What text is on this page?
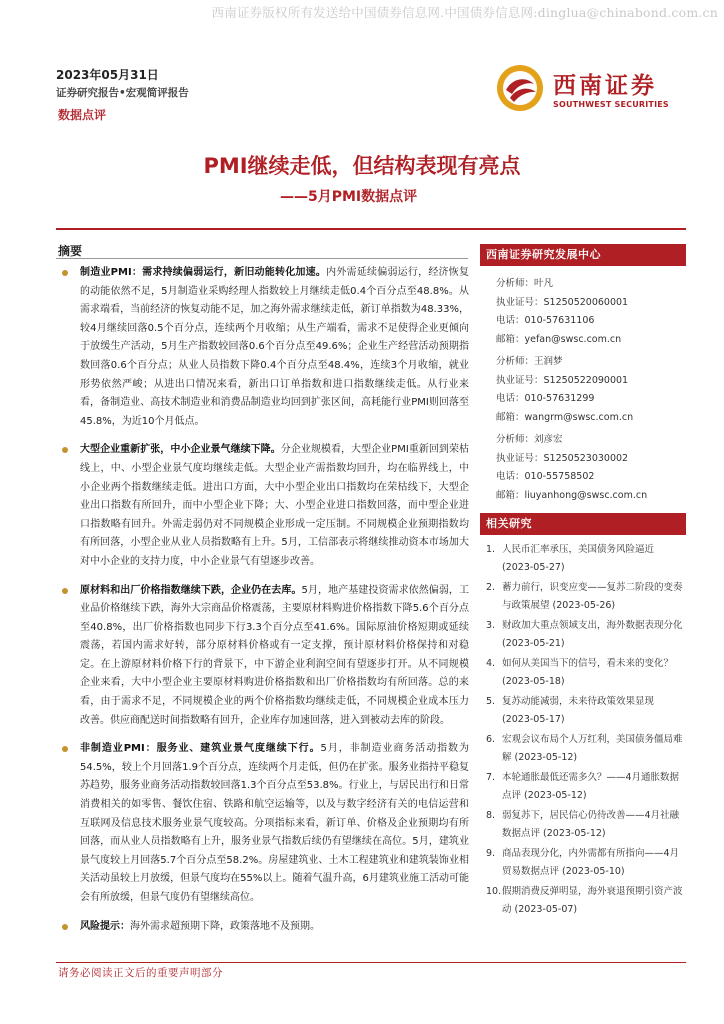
西南证券版权所有发送给中国债券信息网.中国债券信息网:dinglua@chinabond.com.cn
2023年05月31日
证券研究报告•宏观简评报告
数据点评
西南证券
SOUTHWEST SECURITIES
PMI继续走低，但结构表现有亮点
——5月PMI数据点评
摘要
制造业PMI：需求持续偏弱运行，新旧动能转化加速。内外需延续偏弱运行，经济恢复的动能依然不足，5月制造业采购经理人指数较上月继续走低0.4个百分点至48.8%。从需求端看，当前经济的恢复动能不足，加之海外需求继续走低，新订单指数为48.33%，较4月继续回落0.5个百分点，连续两个月收缩；从生产端看，需求不足使得企业更倾向于放缓生产活动，5月生产指数较回落0.6个百分点至49.6%；企业生产经营活动预期指数回落0.6个百分点；从业人员指数下降0.4个百分点至48.4%，连续3个月收缩，就业形势依然严峻；从进出口情况来看，新出口订单指数和进口指数继续走低。从行业来看，备制造业、高技术制造业和消费品制造业均回到扩张区间，高耗能行业PMI则回落至45.8%，为近10个月低点。
大型企业重新扩张，中小企业景气继续下降。分企业规模看，大型企业PMI重新回到荣枯线上，中、小型企业景气度均继续走低。大型企业产需指数均回升，均在临界线上，中小企业两个指数继续走低。进出口方面，大中小型企业出口指数均在荣枯线下，大型企业出口指数有所回升，而中小型企业下降；大、小型企业进口指数回落，而中型企业进口指数略有回升。外需走弱仍对不同规模企业形成一定压制。不同规模企业预期指数均有所回落，小型企业从业人员指数略有上升。5月，工信部表示将继续推动资本市场加大对中小企业的支持力度，中小企业景气有望逐步改善。
原材料和出厂价格指数继续下跌，企业仍在去库。5月，地产基建投资需求依然偏弱，工业品价格继续下跌，海外大宗商品价格震荡，主要原材料购进价格指数下降5.6个百分点至40.8%，出厂价格指数也同步下行3.3个百分点至41.6%。国际原油价格短期或延续震荡，若国内需求好转，部分原材料价格或有一定支撑，预计原材料价格保持和对稳定。在上游原材料价格下行的背景下，中下游企业利润空间有望逐步打开。从不同规模企业来看，大中小型企业主要原材料购进价格指数和出厂价格指数均有所回落。总的来看，由于需求不足，不同规模企业的两个价格指数均继续走低，不同规模企业成本压力改善。供应商配送时间指数略有回升，企业库存加速回落，进入到被动去库的阶段。
非制造业PMI：服务业、建筑业景气度继续下行。5月，非制造业商务活动指数为54.5%，较上个月回落1.9个百分点，连续两个月走低，但仍在扩张。服务业指持平稳复苏趋势，服务业商务活动指数较回落1.3个百分点至53.8%。行业上，与居民出行和日常消费相关的如零售、餐饮住宿、铁路和航空运输等，以及与数字经济有关的电信运营和互联网及信息技术服务业景气度较高。分项指标来看，新订单、价格及企业预期均有所回落，而从业人员指数略有上升，服务业景气指数后续仍有望继续在高位。5月，建筑业景气度较上月回落5.7个百分点至58.2%。房屋建筑业、土木工程建筑业和建筑装饰业相关活动虽较上月放缓，但景气度均在55%以上。随着气温升高，6月建筑业施工活动可能会有所放缓，但景气度仍有望继续高位。
风险提示：海外需求超预期下降，政策落地不及预期。
西南证券研究发展中心
分析师：叶凡
执业证号：S1250520060001
电话：010-57631106
邮箱：yefan@swsc.com.cn
分析师：王润梦
执业证号：S1250522090001
电话：010-57631299
邮箱：wangrm@swsc.com.cn
分析师：刘彦宏
执业证号：S1250523030002
电话：010-55758502
邮箱：liuyanhong@swsc.com.cn
相关研究
1. 人民币汇率承压，美国债务风险逼近 (2023-05-27)
2. 蓄力前行，识变应变——复苏二阶段的变奏与政策展望 (2023-05-26)
3. 财政加大重点领域支出，海外数据表现分化 (2023-05-21)
4. 如何从美国当下的信号，看未来的变化？ (2023-05-18)
5. 复苏动能减弱，未来待政策效果显现 (2023-05-17)
6. 宏观会议布局个人万红利，美国债务僵局难解 (2023-05-12)
7. 本轮通胀最低还需多久？——4月通胀数据点评 (2023-05-12)
8. 弱复苏下，居民信心仍待改善——4月社融数据点评 (2023-05-12)
9. 商品表现分化，内外需都有所指向——4月贸易数据点评 (2023-05-10)
10. 假期消费反弹明显，海外衰退预期引资产波动 (2023-05-07)
请务必阅读正文后的重要声明部分
